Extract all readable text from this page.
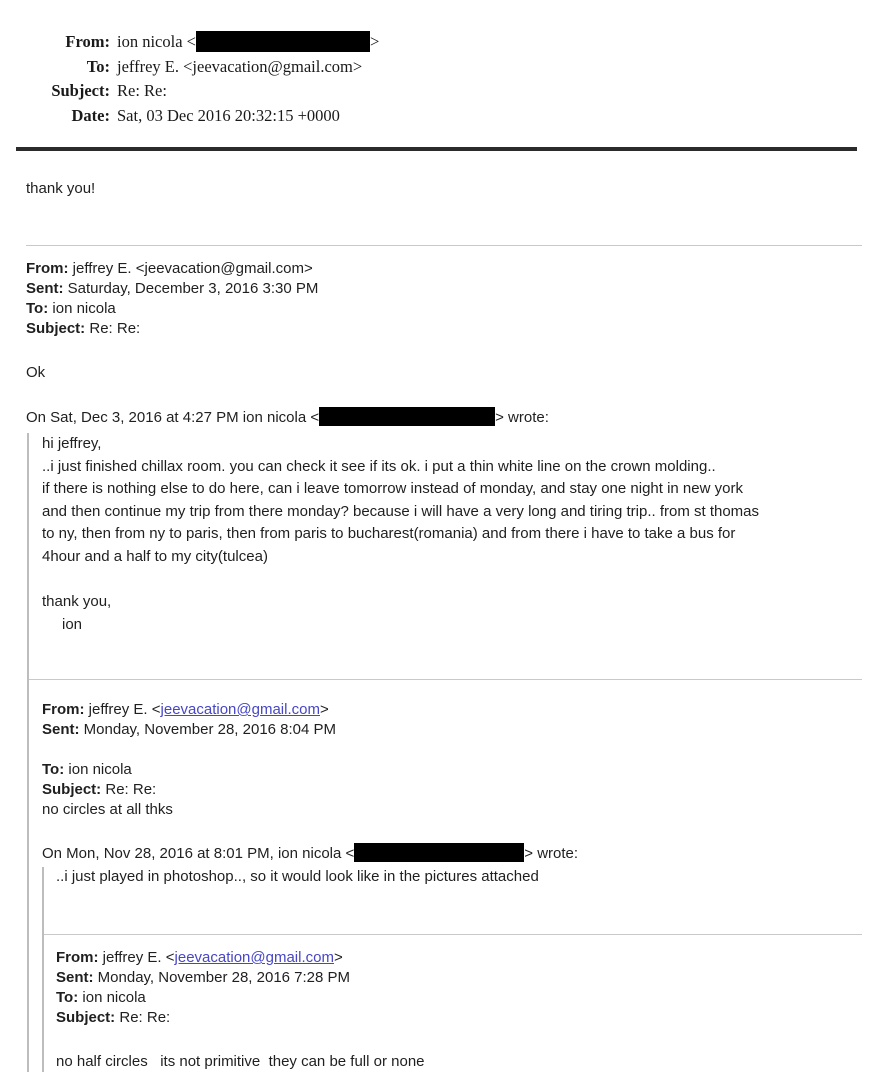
From: ion nicola <	>
To: jeffrey E. <jeevacation@gmail.com>
Subject: Re: Re:
Date: Sat, 03 Dec 2016 20:32:15 +0000
thank you!
From: jeffrey E. <jeevacation@gmail.com>
Sent: Saturday, December 3, 2016 3:30 PM
To: ion nicola
Subject: Re: Re:
Ok
On Sat, Dec 3, 2016 at 4:27 PM ion nicola <	> wrote:
hi jeffrey,
..i just finished chillax room. you can check it see if its ok. i put a thin white line on the crown molding..
if there is nothing else to do here, can i leave tomorrow instead of monday, and stay one night in new york
and then continue my trip from there monday? because i will have a very long and tiring trip.. from st thomas
to ny, then from ny to paris, then from paris to bucharest(romania) and from there i have to take a bus for
4hour and a half to my city(tulcea)
thank you,
ion
From: jeffrey E. <jeevacation@gmail.com>
Sent: Monday, November 28, 2016 8:04 PM
To: ion nicola
Subject: Re: Re:
no circles at all thks
On Mon, Nov 28, 2016 at 8:01 PM, ion nicola <	> wrote:
..i just played in photoshop.., so it would look like in the pictures attached
From: jeffrey E. <jeevacation@gmail.com>
Sent: Monday, November 28, 2016 7:28 PM
To: ion nicola
Subject: Re: Re:
no half circles   its not primitive  they can be full or none
